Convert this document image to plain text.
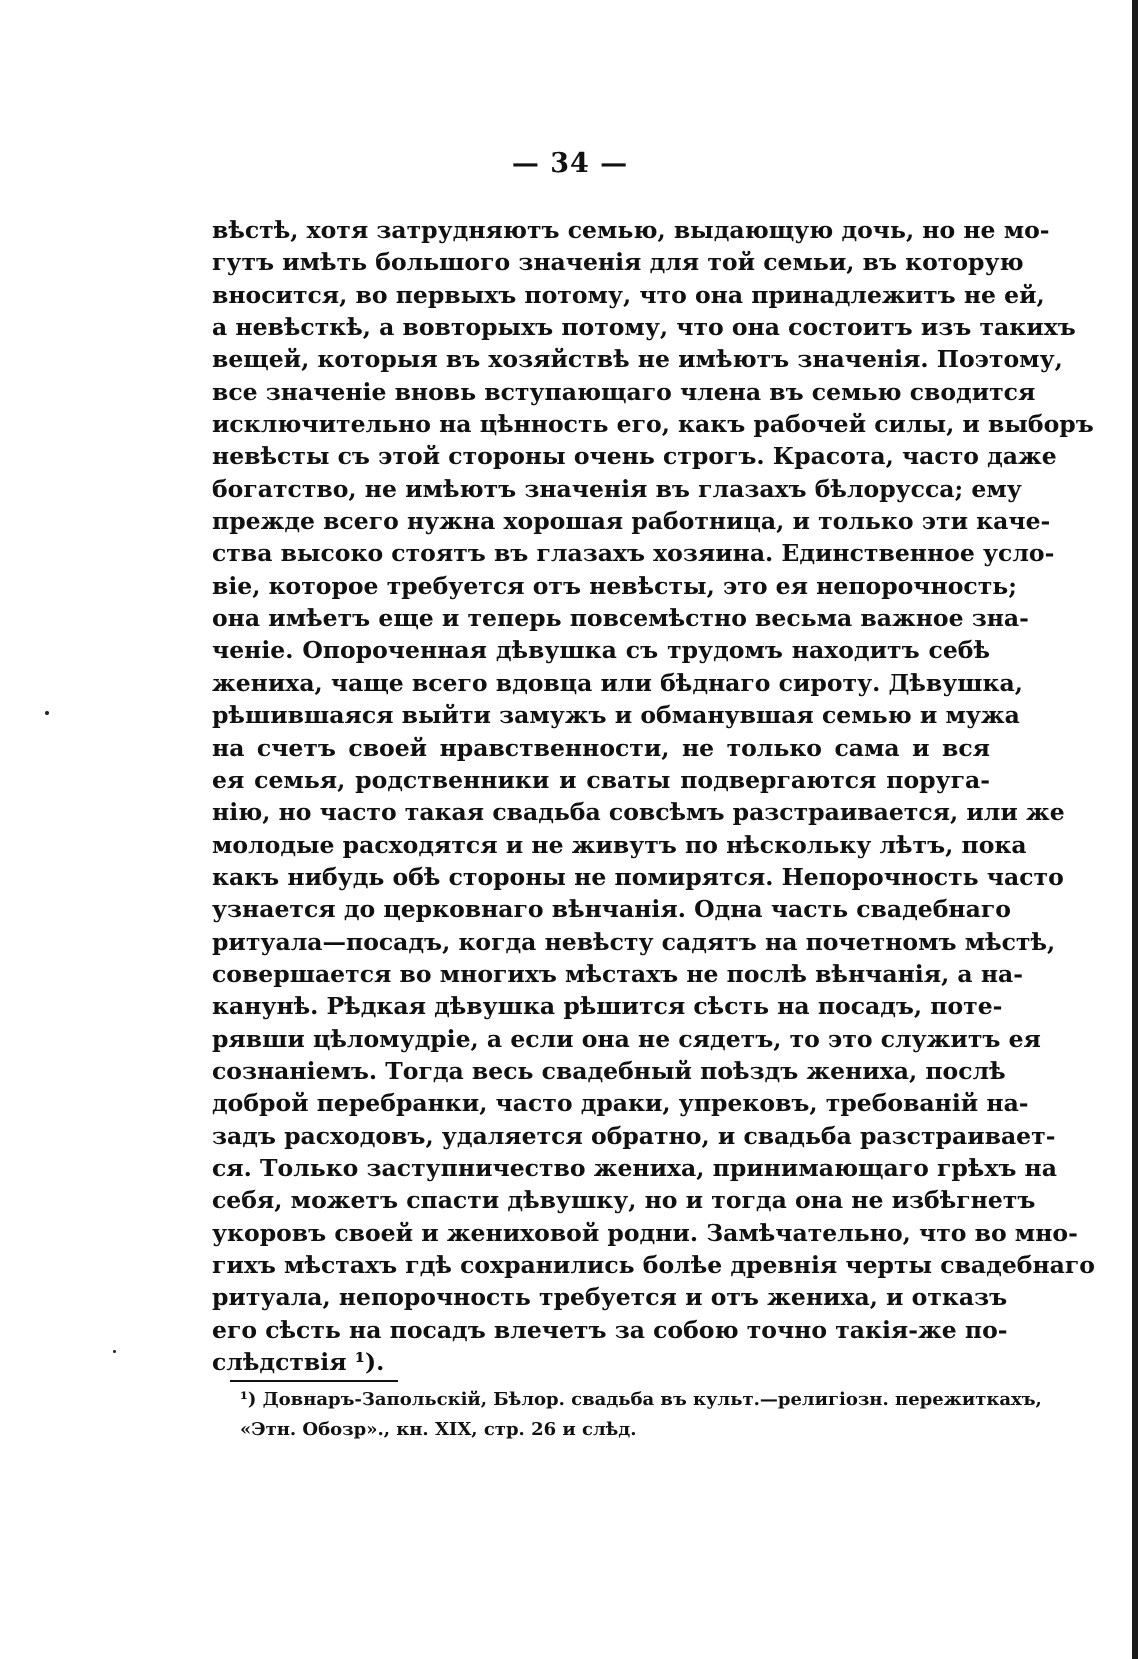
— 34 —
вѣстѣ, хотя затрудняютъ семью, выдающую дочь, но не мо-
гутъ имѣть большого значенія для той семьи, въ которую
вносится, во первыхъ потому, что она принадлежитъ не ей,
а невѣсткѣ, а вовторыхъ потому, что она состоитъ изъ такихъ
вещей, которыя въ хозяйствѣ не имѣютъ значенія. Поэтому,
все значеніе вновь вступающаго члена въ семью сводится
исключительно на цѣнность его, какъ рабочей силы, и выборъ
невѣсты съ этой стороны очень строгъ. Красота, часто даже
богатство, не имѣютъ значенія въ глазахъ бѣлорусса; ему
прежде всего нужна хорошая работница, и только эти каче-
ства высоко стоятъ въ глазахъ хозяина. Единственное усло-
віе, которое требуется отъ невѣсты, это ея непорочность;
она имѣетъ еще и теперь повсемѣстно весьма важное зна-
ченіе. Опороченная дѣвушка съ трудомъ находитъ себѣ
жениха, чаще всего вдовца или бѣднаго сироту. Дѣвушка,
рѣшившаяся выйти замужъ и обманувшая семью и мужа
на счетъ своей нравственности, не только сама и вся
ея семья, родственники и сваты подвергаются поруга-
нію, но часто такая свадьба совсѣмъ разстраивается, или же
молодые расходятся и не живутъ по нѣскольку лѣтъ, пока
какъ нибудь обѣ стороны не помирятся. Непорочность часто
узнается до церковнаго вѣнчанія. Одна часть свадебнаго
ритуала—посадъ, когда невѣсту садятъ на почетномъ мѣстѣ,
совершается во многихъ мѣстахъ не послѣ вѣнчанія, а на-
канунѣ. Рѣдкая дѣвушка рѣшится сѣсть на посадъ, поте-
рявши цѣломудріе, а если она не сядетъ, то это служитъ ея
сознаніемъ. Тогда весь свадебный поѣздъ жениха, послѣ
доброй перебранки, часто драки, упрековъ, требованій на-
задъ расходовъ, удаляется обратно, и свадьба разстраивает-
ся. Только заступничество жениха, принимающаго грѣхъ на
себя, можетъ спасти дѣвушку, но и тогда она не избѣгнетъ
укоровъ своей и жениховой родни. Замѣчательно, что во мно-
гихъ мѣстахъ гдѣ сохранились болѣе древнія черты свадебнаго
ритуала, непорочность требуется и отъ жениха, и отказъ
его сѣсть на посадъ влечетъ за собою точно такія-же по-
слѣдствія ¹).
¹) Довнаръ-Запольскій, Бѣлор. свадьба въ культ.—религіозн. пережиткахъ,
«Этн. Обозр»., кн. XIX, стр. 26 и слѣд.
